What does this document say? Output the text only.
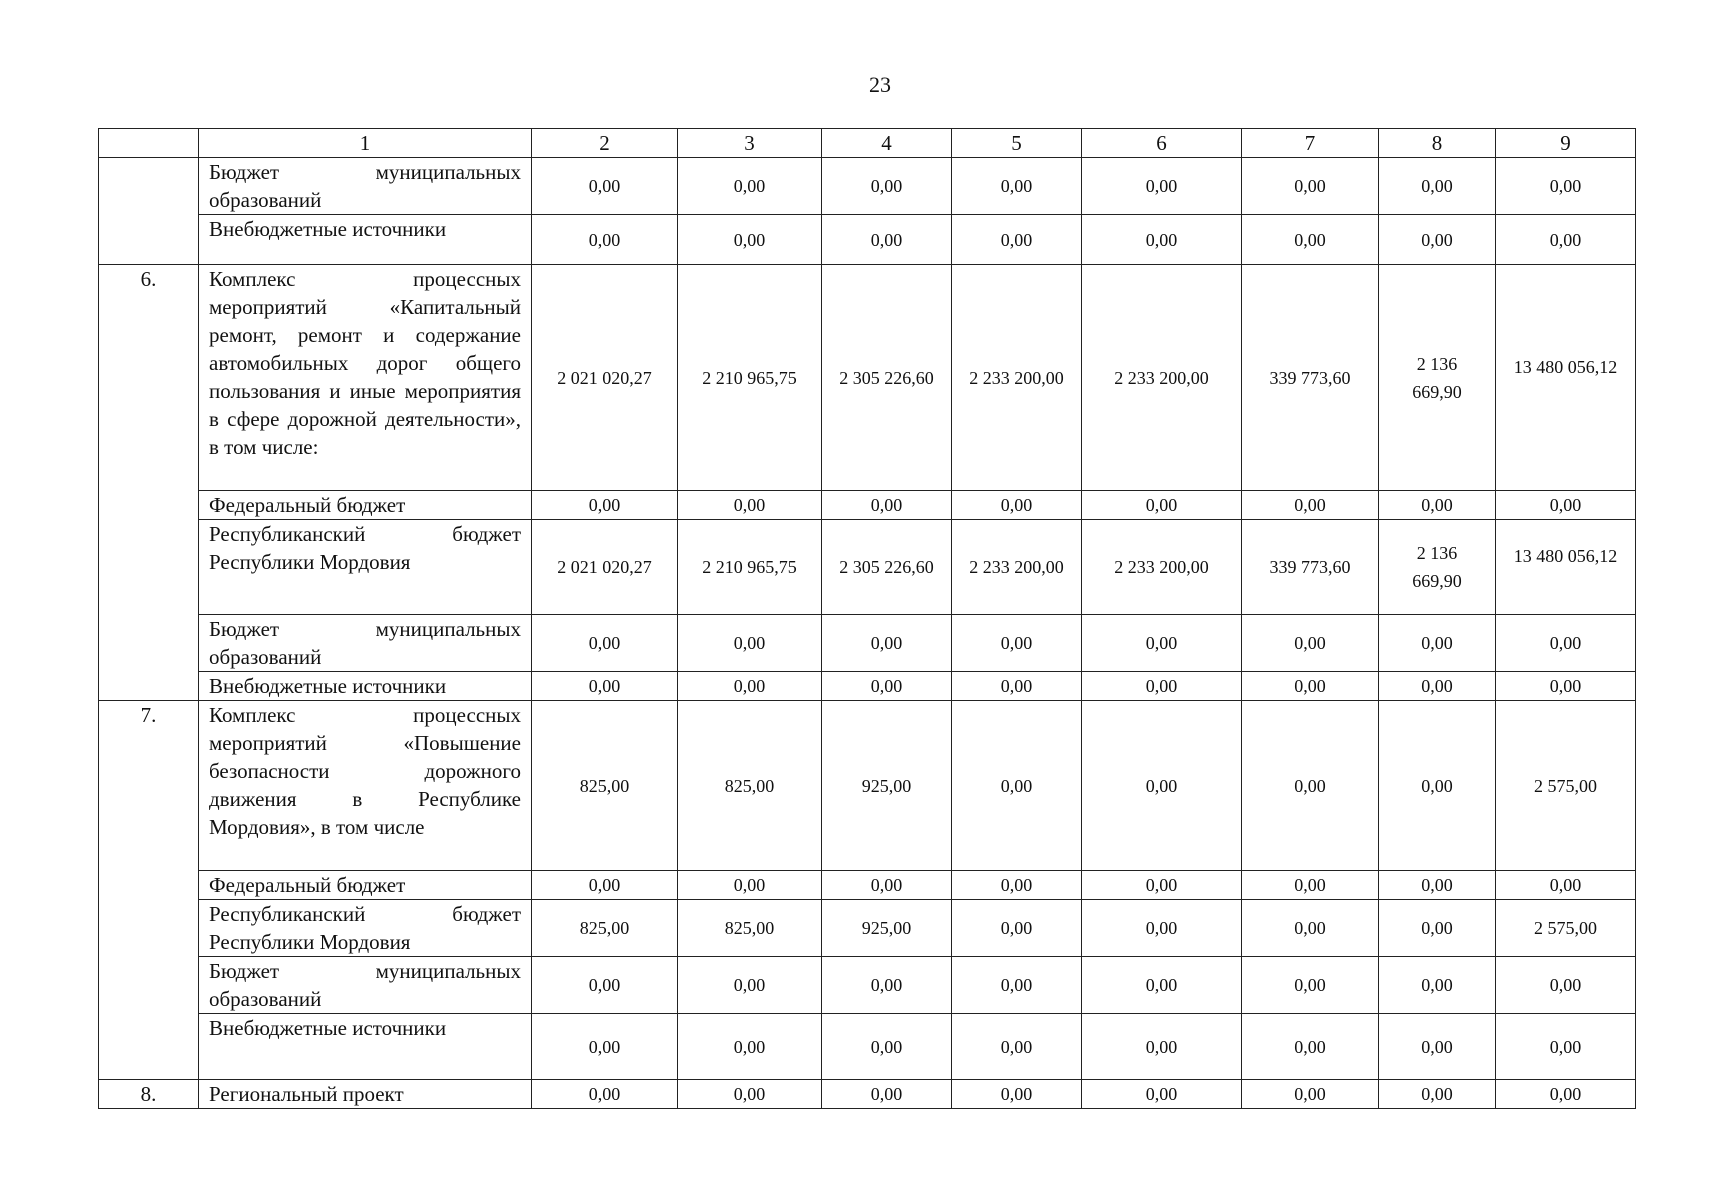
23
	1	2	3	4	5	6	7	8	9
	Бюджет муниципальных образований	0,00	0,00	0,00	0,00	0,00	0,00	0,00	0,00
	Внебюджетные источники	0,00	0,00	0,00	0,00	0,00	0,00	0,00	0,00
6.	Комплекс процессных мероприятий «Капитальный ремонт, ремонт и содержание автомобильных дорог общего пользования и иные мероприятия в сфере дорожной деятельности», в том числе:	2 021 020,27	2 210 965,75	2 305 226,60	2 233 200,00	2 233 200,00	339 773,60	2 136 669,90	13 480 056,12
	Федеральный бюджет	0,00	0,00	0,00	0,00	0,00	0,00	0,00	0,00
	Республиканский бюджет Республики Мордовия	2 021 020,27	2 210 965,75	2 305 226,60	2 233 200,00	2 233 200,00	339 773,60	2 136 669,90	13 480 056,12
	Бюджет муниципальных образований	0,00	0,00	0,00	0,00	0,00	0,00	0,00	0,00
	Внебюджетные источники	0,00	0,00	0,00	0,00	0,00	0,00	0,00	0,00
7.	Комплекс процессных мероприятий «Повышение безопасности дорожного движения в Республике Мордовия», в том числе	825,00	825,00	925,00	0,00	0,00	0,00	0,00	2 575,00
	Федеральный бюджет	0,00	0,00	0,00	0,00	0,00	0,00	0,00	0,00
	Республиканский бюджет Республики Мордовия	825,00	825,00	925,00	0,00	0,00	0,00	0,00	2 575,00
	Бюджет муниципальных образований	0,00	0,00	0,00	0,00	0,00	0,00	0,00	0,00
	Внебюджетные источники	0,00	0,00	0,00	0,00	0,00	0,00	0,00	0,00
8.	Региональный проект	0,00	0,00	0,00	0,00	0,00	0,00	0,00	0,00
